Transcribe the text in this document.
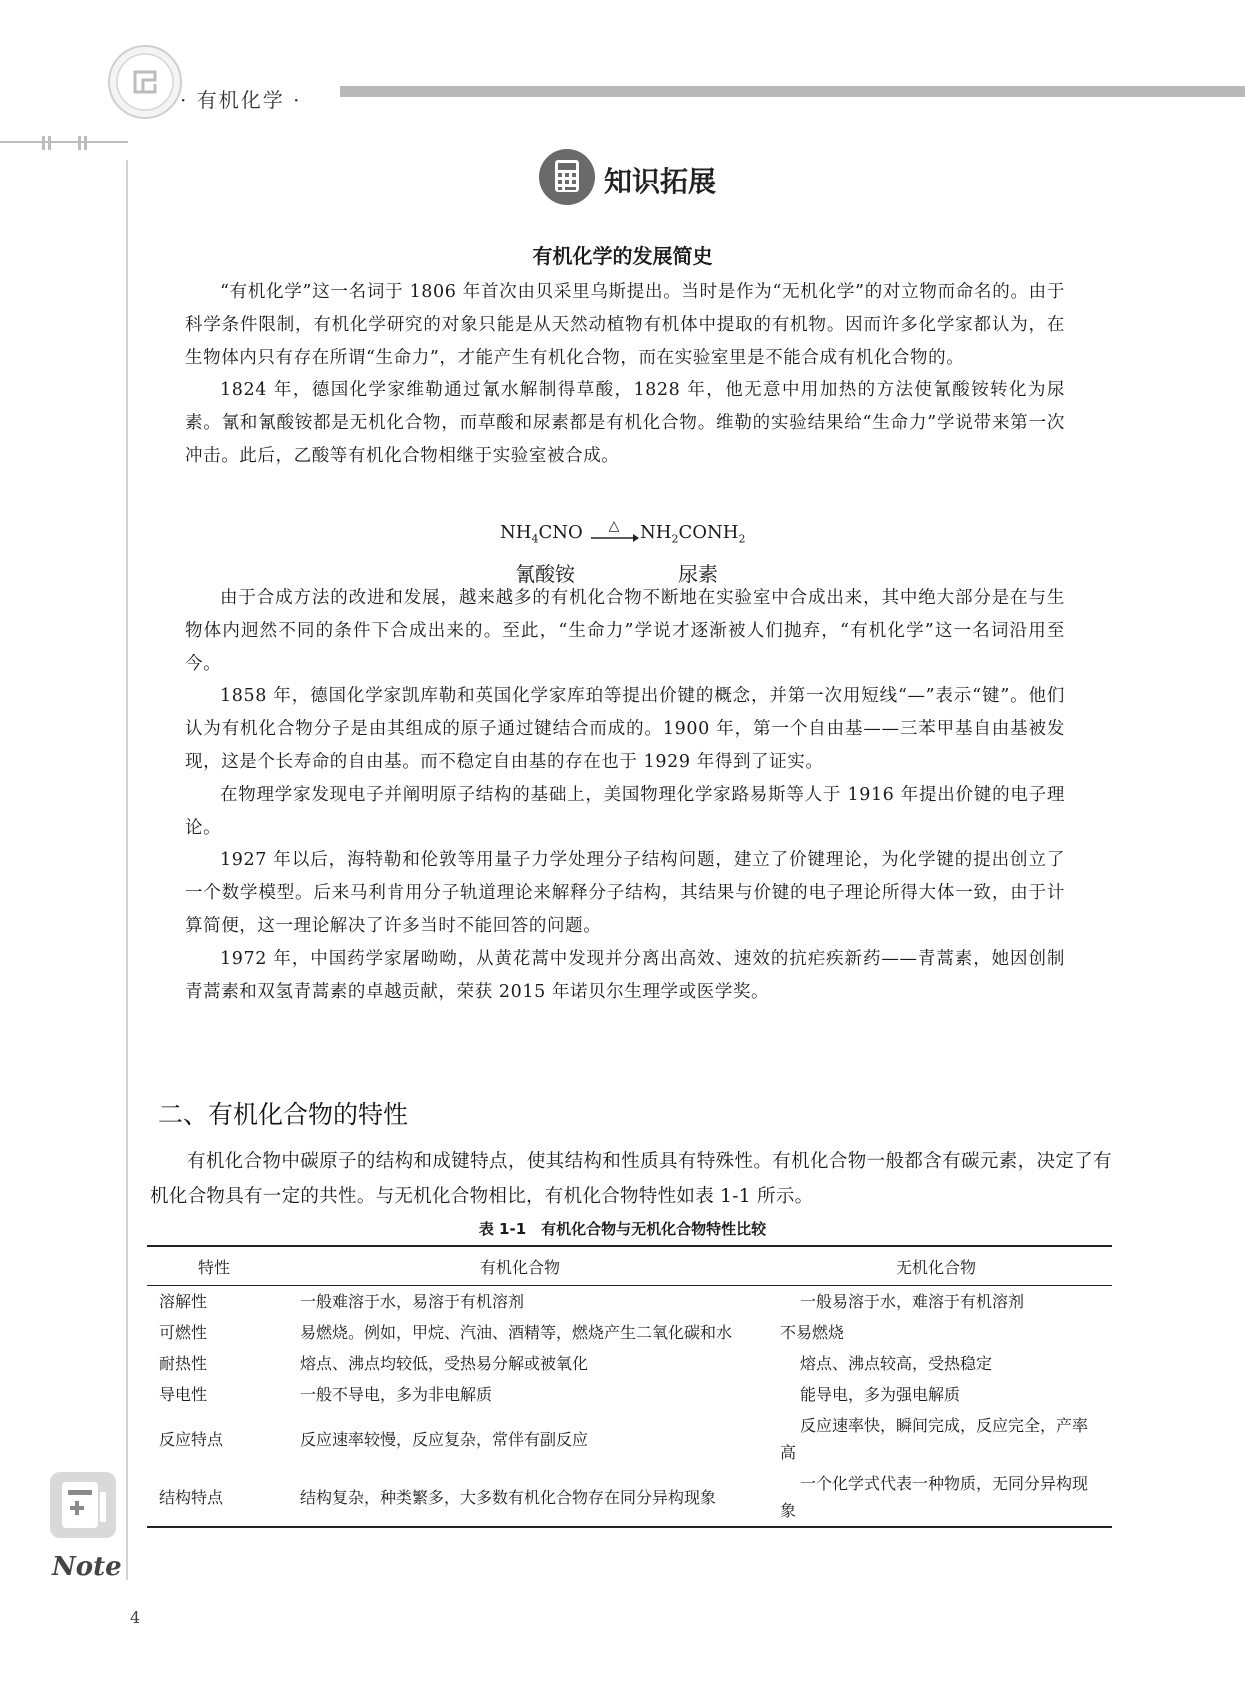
· 有机化学 ·
知识拓展
有机化学的发展简史

“有机化学”这一名词于 1806 年首次由贝采里乌斯提出。当时是作为“无机化学”的对立物而命名的。由于科学条件限制，有机化学研究的对象只能是从天然动植物有机体中提取的有机物。因而许多化学家都认为，在生物体内只有存在所谓“生命力”，才能产生有机化合物，而在实验室里是不能合成有机化合物的。

1824 年，德国化学家维勒通过氰水解制得草酸，1828 年，他无意中用加热的方法使氰酸铵转化为尿素。氰和氰酸铵都是无机化合物，而草酸和尿素都是有机化合物。维勒的实验结果给“生命力”学说带来第一次冲击。此后，乙酸等有机化合物相继于实验室被合成。

$NH_4CNO$ △ $NH_2CONH_2$
氰酸铵	尿素

由于合成方法的改进和发展，越来越多的有机化合物不断地在实验室中合成出来，其中绝大部分是在与生物体内迥然不同的条件下合成出来的。至此，“生命力”学说才逐渐被人们抛弃，“有机化学”这一名词沿用至今。

1858 年，德国化学家凯库勒和英国化学家库珀等提出价键的概念，并第一次用短线“—”表示“键”。他们认为有机化合物分子是由其组成的原子通过键结合而成的。1900 年，第一个自由基——三苯甲基自由基被发现，这是个长寿命的自由基。而不稳定自由基的存在也于 1929 年得到了证实。

在物理学家发现电子并阐明原子结构的基础上，美国物理化学家路易斯等人于 1916 年提出价键的电子理论。

1927 年以后，海特勒和伦敦等用量子力学处理分子结构问题，建立了价键理论，为化学键的提出创立了一个数学模型。后来马利肯用分子轨道理论来解释分子结构，其结果与价键的电子理论所得大体一致，由于计算简便，这一理论解决了许多当时不能回答的问题。

1972 年，中国药学家屠呦呦，从黄花蒿中发现并分离出高效、速效的抗疟疾新药——青蒿素，她因创制青蒿素和双氢青蒿素的卓越贡献，荣获 2015 年诺贝尔生理学或医学奖。

二、有机化合物的特性

有机化合物中碳原子的结构和成键特点，使其结构和性质具有特殊性。有机化合物一般都含有碳元素，决定了有机化合物具有一定的共性。与无机化合物相比，有机化合物特性如表 1-1 所示。

表 1-1　有机化合物与无机化合物特性比较
特性	有机化合物	无机化合物
溶解性	一般难溶于水，易溶于有机溶剂	一般易溶于水，难溶于有机溶剂

可燃性	易燃烧。例如，甲烷、汽油、酒精等，燃烧产生二氧化碳和水	不易燃烧

耐热性	熔点、沸点均较低，受热易分解或被氧化	熔点、沸点较高，受热稳定

导电性	一般不导电，多为非电解质	能导电，多为强电解质

反应特点	反应速率较慢，反应复杂，常伴有副反应	反应速率快，瞬间完成，反应完全，产率高

结构特点	结构复杂，种类繁多，大多数有机化合物存在同分异构现象	一个化学式代表一种物质，无同分异构现象
Note
4
